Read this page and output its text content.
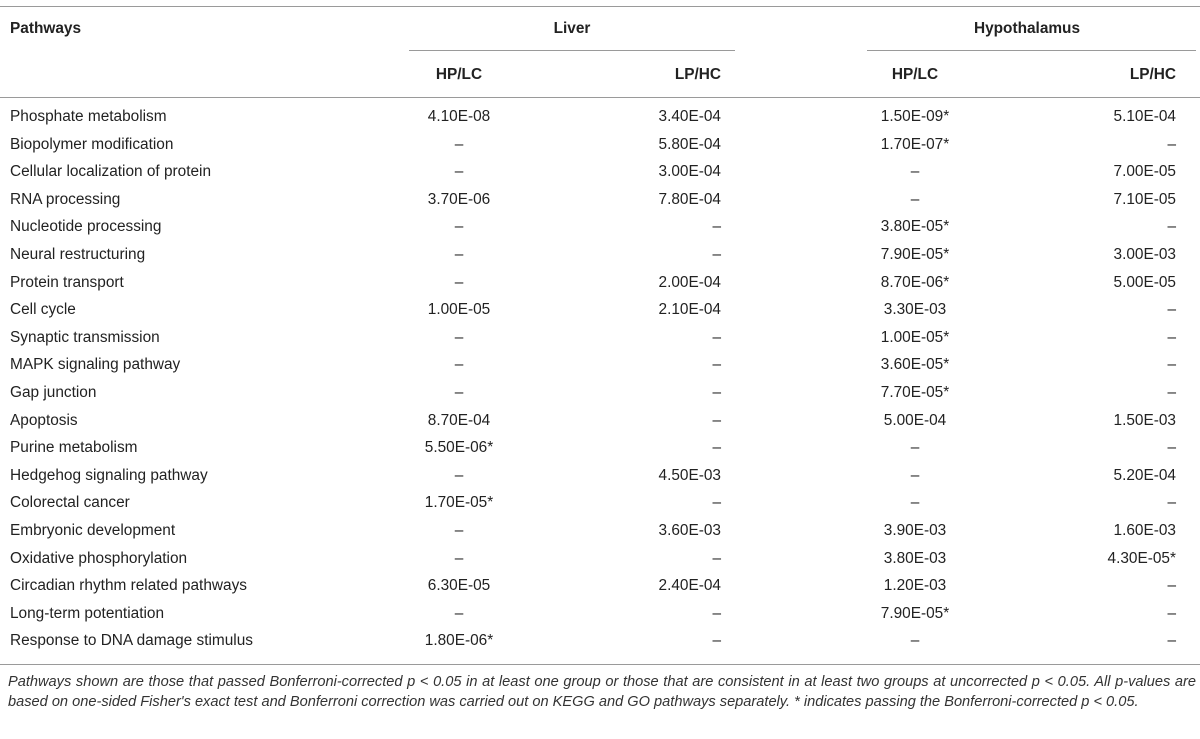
Pathways	Liver	Hypothalamus
HP/LC	LP/HC	HP/LC	LP/HC
Phosphate metabolism	4.10E-08	3.40E-04	1.50E-09*	5.10E-04
Biopolymer modification	–	5.80E-04	1.70E-07*	–
Cellular localization of protein	–	3.00E-04	–	7.00E-05
RNA processing	3.70E-06	7.80E-04	–	7.10E-05
Nucleotide processing	–	–	3.80E-05*	–
Neural restructuring	–	–	7.90E-05*	3.00E-03
Protein transport	–	2.00E-04	8.70E-06*	5.00E-05
Cell cycle	1.00E-05	2.10E-04	3.30E-03	–
Synaptic transmission	–	–	1.00E-05*	–
MAPK signaling pathway	–	–	3.60E-05*	–
Gap junction	–	–	7.70E-05*	–
Apoptosis	8.70E-04	–	5.00E-04	1.50E-03
Purine metabolism	5.50E-06*	–	–	–
Hedgehog signaling pathway	–	4.50E-03	–	5.20E-04
Colorectal cancer	1.70E-05*	–	–	–
Embryonic development	–	3.60E-03	3.90E-03	1.60E-03
Oxidative phosphorylation	–	–	3.80E-03	4.30E-05*
Circadian rhythm related pathways	6.30E-05	2.40E-04	1.20E-03	–
Long-term potentiation	–	–	7.90E-05*	–
Response to DNA damage stimulus	1.80E-06*	–	–	–
Pathways shown are those that passed Bonferroni-corrected p < 0.05 in at least one group or those that are consistent in at least two groups at uncorrected p < 0.05. All p-values are based on one-sided Fisher's exact test and Bonferroni correction was carried out on KEGG and GO pathways separately. * indicates passing the Bonferroni-corrected p < 0.05.
